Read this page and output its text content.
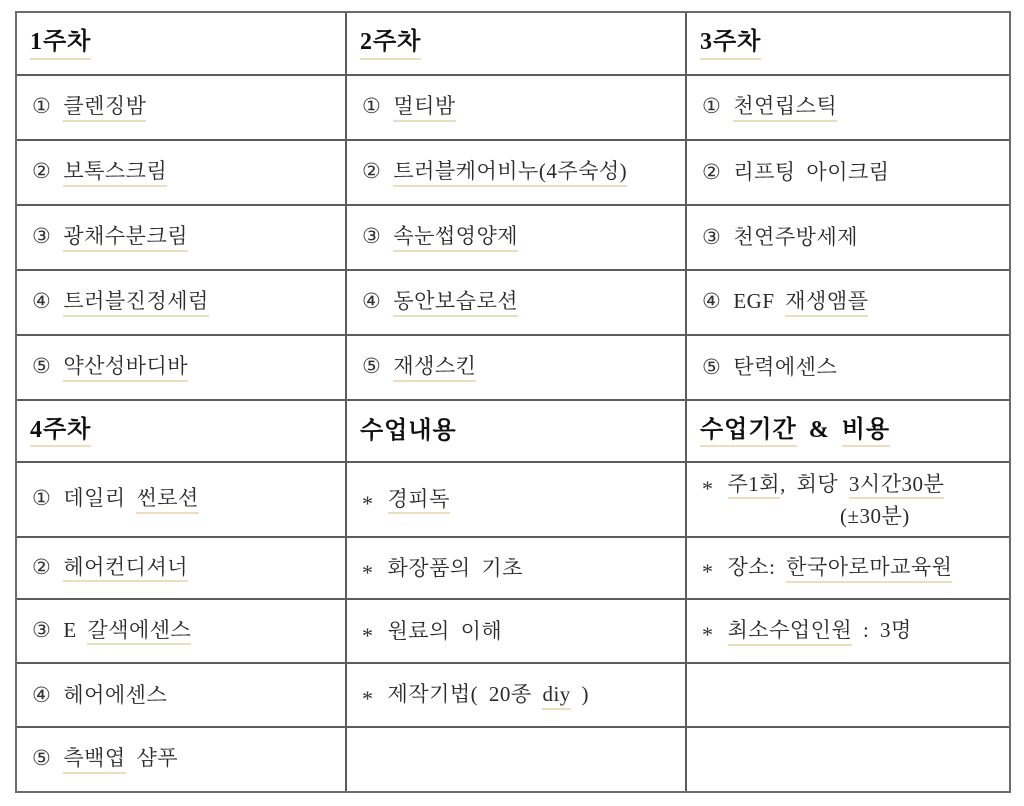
1주차	2주차	3주차
① 클렌징밤	① 멀티밤	① 천연립스틱
② 보톡스크림	② 트러블케어비누(4주숙성)	② 리프팅 아이크림
③ 광채수분크림	③ 속눈썹영양제	③ 천연주방세제
④ 트러블진정세럼	④ 동안보습로션	④ EGF 재생앰플
⑤ 약산성바디바	⑤ 재생스킨	⑤ 탄력에센스
4주차	수업내용	수업기간 & 비용
① 데일리 썬로션	* 경피독	* 주1회, 회당 3시간30분
(±30분)
② 헤어컨디셔너	* 화장품의 기초	* 장소: 한국아로마교육원
③ E 갈색에센스	* 원료의 이해	* 최소수업인원 : 3명
④ 헤어에센스	* 제작기법( 20종 diy )
⑤ 측백엽 샴푸
